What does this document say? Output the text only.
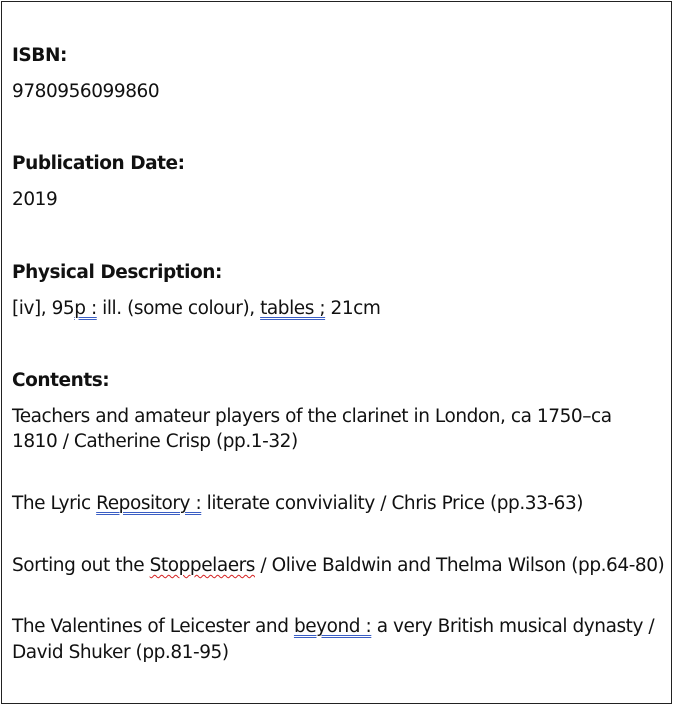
ISBN:
9780956099860
Publication Date:
2019
Physical Description:
[iv], 95p : ill. (some colour), tables ; 21cm
Contents:
Teachers and amateur players of the clarinet in London, ca 1750–ca
1810 / Catherine Crisp (pp.1-32)
The Lyric Repository : literate conviviality / Chris Price (pp.33-63)
Sorting out the Stoppelaers / Olive Baldwin and Thelma Wilson (pp.64-80)
The Valentines of Leicester and beyond : a very British musical dynasty /
David Shuker (pp.81-95)
